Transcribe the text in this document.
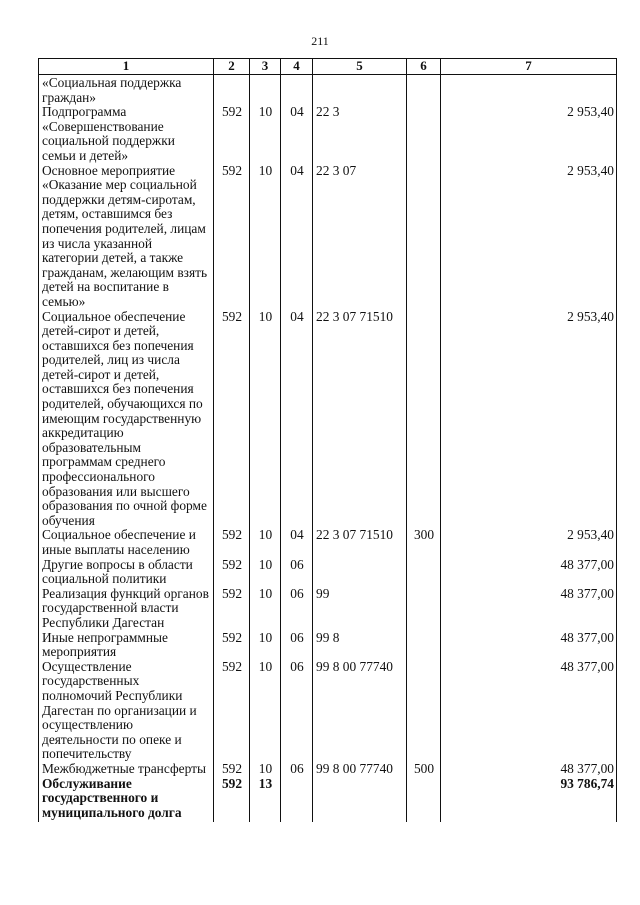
211
1	2	3	4	5	6	7
«Социальная поддержка граждан»						
Подпрограмма «Совершенствование социальной поддержки семьи и детей»	592	10	04	22 3		2 953,40
Основное мероприятие «Оказание мер социальной поддержки детям-сиротам, детям, оставшимся без попечения родителей, лицам из числа указанной категории детей, а также гражданам, желающим взять детей на воспитание в семью»	592	10	04	22 3 07		2 953,40
Социальное обеспечение детей-сирот и детей, оставшихся без попечения родителей, лиц из числа детей-сирот и детей, оставшихся без попечения родителей, обучающихся по имеющим государственную аккредитацию образовательным программам среднего профессионального образования или высшего образования по очной форме обучения	592	10	04	22 3 07 71510		2 953,40
Социальное обеспечение и иные выплаты населению	592	10	04	22 3 07 71510	300	2 953,40
Другие вопросы в области социальной политики	592	10	06			48 377,00
Реализация функций органов государственной власти Республики Дагестан	592	10	06	99		48 377,00
Иные непрограммные мероприятия	592	10	06	99 8		48 377,00
Осуществление государственных полномочий Республики Дагестан по организации и осуществлению деятельности по опеке и попечительству	592	10	06	99 8 00 77740		48 377,00
Межбюджетные трансферты	592	10	06	99 8 00 77740	500	48 377,00
Обслуживание государственного и муниципального долга	592	13				93 786,74
